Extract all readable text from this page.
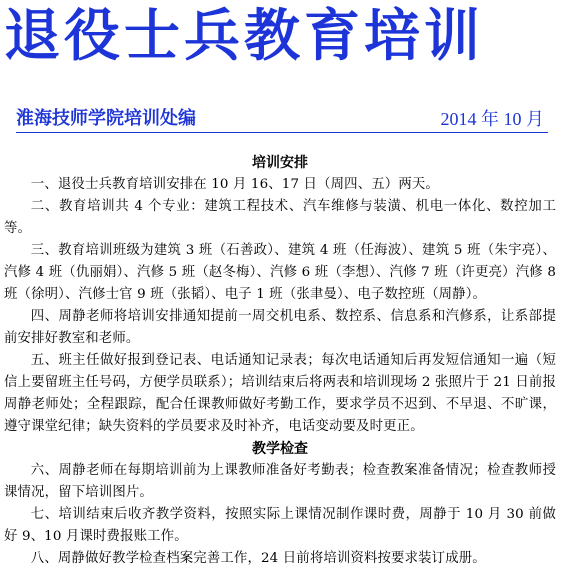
退役士兵教育培训
淮海技师学院培训处编	2014 年 10 月
培训安排

一、退役士兵教育培训安排在 10 月 16、17 日（周四、五）两天。

二、教育培训共 4 个专业：建筑工程技术、汽车维修与装潢、机电一体化、数控加工等。

三、教育培训班级为建筑 3 班（石善政）、建筑 4 班（任海波）、建筑 5 班（朱宇亮）、汽修 4 班（仇丽娟）、汽修 5 班（赵冬梅）、汽修 6 班（李想）、汽修 7 班（许更亮）汽修 8 班（徐明）、汽修士官 9 班（张韬）、电子 1 班（张聿曼）、电子数控班（周静）。

四、周静老师将培训安排通知提前一周交机电系、数控系、信息系和汽修系，让系部提前安排好教室和老师。

五、班主任做好报到登记表、电话通知记录表；每次电话通知后再发短信通知一遍（短信上要留班主任号码，方便学员联系）；培训结束后将两表和培训现场 2 张照片于 21 日前报周静老师处；全程跟踪，配合任课教师做好考勤工作，要求学员不迟到、不早退、不旷课，遵守课堂纪律；缺失资料的学员要求及时补齐，电话变动要及时更正。

教学检查

六、周静老师在每期培训前为上课教师准备好考勤表；检查教案准备情况；检查教师授课情况，留下培训图片。

七、培训结束后收齐教学资料，按照实际上课情况制作课时费，周静于 10 月 30 前做好 9、10 月课时费报账工作。

八、周静做好教学检查档案完善工作，24 日前将培训资料按要求装订成册。
